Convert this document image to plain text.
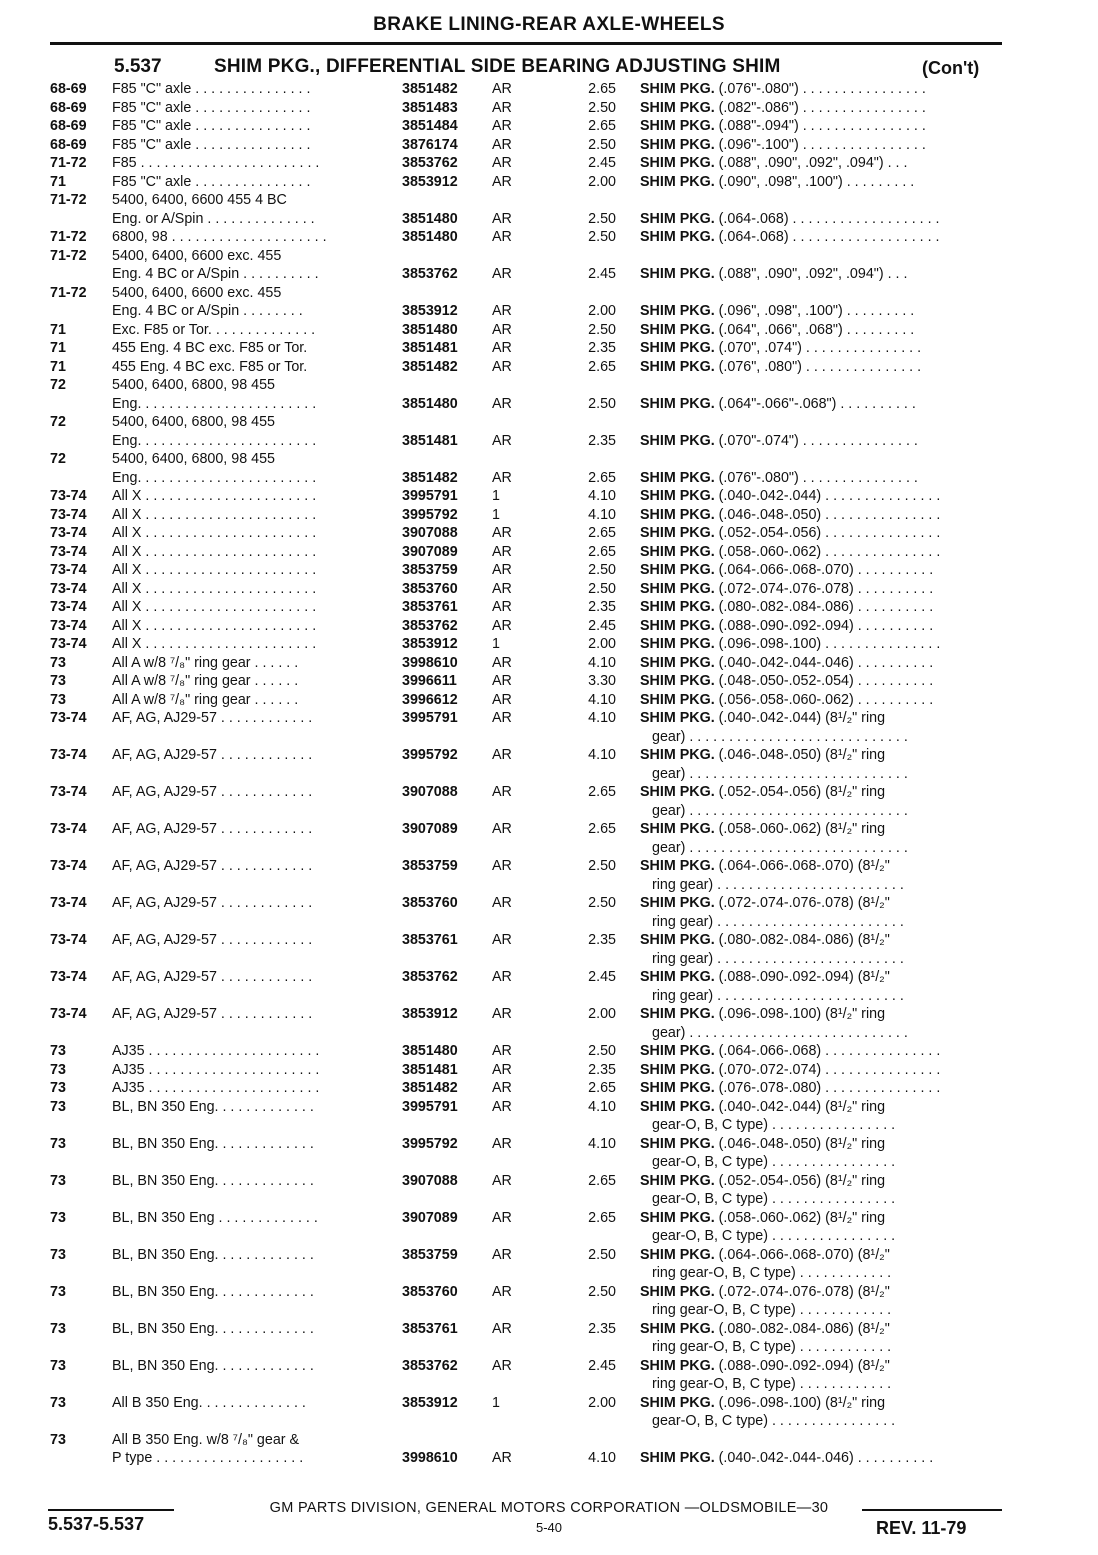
BRAKE LINING-REAR AXLE-WHEELS
5.537	SHIM PKG., DIFFERENTIAL SIDE BEARING ADJUSTING SHIM	(Con't)
68-69 F85 "C" axle . . . . . . . . . . . . . . .	3851482 AR	2.65 SHIM PKG. (.076"-.080") . . . . . . . . . . . . . . . .
68-69 F85 "C" axle . . . . . . . . . . . . . . .	3851483 AR	2.50 SHIM PKG. (.082"-.086") . . . . . . . . . . . . . . . .
68-69 F85 "C" axle . . . . . . . . . . . . . . .	3851484 AR	2.65 SHIM PKG. (.088"-.094") . . . . . . . . . . . . . . . .
68-69 F85 "C" axle . . . . . . . . . . . . . . .	3876174 AR	2.50 SHIM PKG. (.096"-.100") . . . . . . . . . . . . . . . .
71-72 F85 . . . . . . . . . . . . . . . . . . . . . . .	3853762 AR	2.45 SHIM PKG. (.088", .090", .092", .094") . . .
71	F85 "C" axle . . . . . . . . . . . . . . .	3853912 AR	2.00 SHIM PKG. (.090", .098", .100") . . . . . . . . .
71-72 5400, 6400, 6600 455 4 BC
Eng. or A/Spin . . . . . . . . . . . . . .	3851480 AR	2.50 SHIM PKG. (.064-.068) . . . . . . . . . . . . . . . . . . .
71-72 6800, 98 . . . . . . . . . . . . . . . . . . . .	3851480 AR	2.50 SHIM PKG. (.064-.068) . . . . . . . . . . . . . . . . . . .
71-72 5400, 6400, 6600 exc. 455
Eng. 4 BC or A/Spin . . . . . . . . . .	3853762 AR	2.45 SHIM PKG. (.088", .090", .092", .094") . . .
71-72 5400, 6400, 6600 exc. 455
Eng. 4 BC or A/Spin . . . . . . . .	3853912 AR	2.00 SHIM PKG. (.096", .098", .100") . . . . . . . . .
71	Exc. F85 or Tor. . . . . . . . . . . . . .	3851480 AR	2.50 SHIM PKG. (.064", .066", .068") . . . . . . . . .
71	455 Eng. 4 BC exc. F85 or Tor.	3851481 AR	2.35 SHIM PKG. (.070", .074") . . . . . . . . . . . . . . .
71	455 Eng. 4 BC exc. F85 or Tor.	3851482 AR	2.65 SHIM PKG. (.076", .080") . . . . . . . . . . . . . . .
72	5400, 6400, 6800, 98 455
Eng. . . . . . . . . . . . . . . . . . . . . . .	3851480 AR	2.50 SHIM PKG. (.064"-.066"-.068") . . . . . . . . . .
72	5400, 6400, 6800, 98 455
Eng. . . . . . . . . . . . . . . . . . . . . . .	3851481 AR	2.35 SHIM PKG. (.070"-.074") . . . . . . . . . . . . . . .
72	5400, 6400, 6800, 98 455
Eng. . . . . . . . . . . . . . . . . . . . . . .	3851482 AR	2.65 SHIM PKG. (.076"-.080") . . . . . . . . . . . . . . .
73-74 All X . . . . . . . . . . . . . . . . . . . . . .	3995791 1	4.10 SHIM PKG. (.040-.042-.044) . . . . . . . . . . . . . . .
73-74 All X . . . . . . . . . . . . . . . . . . . . . .	3995792 1	4.10 SHIM PKG. (.046-.048-.050) . . . . . . . . . . . . . . .
73-74 All X . . . . . . . . . . . . . . . . . . . . . .	3907088 AR	2.65 SHIM PKG. (.052-.054-.056) . . . . . . . . . . . . . . .
73-74 All X . . . . . . . . . . . . . . . . . . . . . .	3907089 AR	2.65 SHIM PKG. (.058-.060-.062) . . . . . . . . . . . . . . .
73-74 All X . . . . . . . . . . . . . . . . . . . . . .	3853759 AR	2.50 SHIM PKG. (.064-.066-.068-.070) . . . . . . . . . .
73-74 All X . . . . . . . . . . . . . . . . . . . . . .	3853760 AR	2.50 SHIM PKG. (.072-.074-.076-.078) . . . . . . . . . .
73-74 All X . . . . . . . . . . . . . . . . . . . . . .	3853761 AR	2.35 SHIM PKG. (.080-.082-.084-.086) . . . . . . . . . .
73-74 All X . . . . . . . . . . . . . . . . . . . . . .	3853762 AR	2.45 SHIM PKG. (.088-.090-.092-.094) . . . . . . . . . .
73-74 All X . . . . . . . . . . . . . . . . . . . . . .	3853912 1	2.00 SHIM PKG. (.096-.098-.100) . . . . . . . . . . . . . . .
73	All A w/8 ⁷/₈" ring gear . . . . . .	3998610 AR	4.10 SHIM PKG. (.040-.042-.044-.046) . . . . . . . . . .
73	All A w/8 ⁷/₈" ring gear . . . . . .	3996611 AR	3.30 SHIM PKG. (.048-.050-.052-.054) . . . . . . . . . .
73	All A w/8 ⁷/₈" ring gear . . . . . .	3996612 AR	4.10 SHIM PKG. (.056-.058-.060-.062) . . . . . . . . . .
73-74 AF, AG, AJ29-57 . . . . . . . . . . . .	3995791 AR	4.10 SHIM PKG. (.040-.042-.044) (8¹/₂" ring
gear) . . . . . . . . . . . . . . . . . . . . . . . . . . . .
73-74 AF, AG, AJ29-57 . . . . . . . . . . . .	3995792 AR	4.10 SHIM PKG. (.046-.048-.050) (8¹/₂" ring
gear) . . . . . . . . . . . . . . . . . . . . . . . . . . . .
73-74 AF, AG, AJ29-57 . . . . . . . . . . . .	3907088 AR	2.65 SHIM PKG. (.052-.054-.056) (8¹/₂" ring
gear) . . . . . . . . . . . . . . . . . . . . . . . . . . . .
73-74 AF, AG, AJ29-57 . . . . . . . . . . . .	3907089 AR	2.65 SHIM PKG. (.058-.060-.062) (8¹/₂" ring
gear) . . . . . . . . . . . . . . . . . . . . . . . . . . . .
73-74 AF, AG, AJ29-57 . . . . . . . . . . . .	3853759 AR	2.50 SHIM PKG. (.064-.066-.068-.070) (8¹/₂"
ring gear) . . . . . . . . . . . . . . . . . . . . . . . .
73-74 AF, AG, AJ29-57 . . . . . . . . . . . .	3853760 AR	2.50 SHIM PKG. (.072-.074-.076-.078) (8¹/₂"
ring gear) . . . . . . . . . . . . . . . . . . . . . . . .
73-74 AF, AG, AJ29-57 . . . . . . . . . . . .	3853761 AR	2.35 SHIM PKG. (.080-.082-.084-.086) (8¹/₂"
ring gear) . . . . . . . . . . . . . . . . . . . . . . . .
73-74 AF, AG, AJ29-57 . . . . . . . . . . . .	3853762 AR	2.45 SHIM PKG. (.088-.090-.092-.094) (8¹/₂"
ring gear) . . . . . . . . . . . . . . . . . . . . . . . .
73-74 AF, AG, AJ29-57 . . . . . . . . . . . .	3853912 AR	2.00 SHIM PKG. (.096-.098-.100) (8¹/₂" ring
gear) . . . . . . . . . . . . . . . . . . . . . . . . . . . .
73	AJ35 . . . . . . . . . . . . . . . . . . . . . .	3851480 AR	2.50 SHIM PKG. (.064-.066-.068) . . . . . . . . . . . . . . .
73	AJ35 . . . . . . . . . . . . . . . . . . . . . .	3851481 AR	2.35 SHIM PKG. (.070-.072-.074) . . . . . . . . . . . . . . .
73	AJ35 . . . . . . . . . . . . . . . . . . . . . .	3851482 AR	2.65 SHIM PKG. (.076-.078-.080) . . . . . . . . . . . . . . .
73	BL, BN 350 Eng. . . . . . . . . . . . .	3995791 AR	4.10 SHIM PKG. (.040-.042-.044) (8¹/₂" ring
gear-O, B, C type) . . . . . . . . . . . . . . . .
73	BL, BN 350 Eng. . . . . . . . . . . . .	3995792 AR	4.10 SHIM PKG. (.046-.048-.050) (8¹/₂" ring
gear-O, B, C type) . . . . . . . . . . . . . . . .
73	BL, BN 350 Eng. . . . . . . . . . . . .	3907088 AR	2.65 SHIM PKG. (.052-.054-.056) (8¹/₂" ring
gear-O, B, C type) . . . . . . . . . . . . . . . .
73	BL, BN 350 Eng . . . . . . . . . . . . .	3907089 AR	2.65 SHIM PKG. (.058-.060-.062) (8¹/₂" ring
gear-O, B, C type) . . . . . . . . . . . . . . . .
73	BL, BN 350 Eng. . . . . . . . . . . . .	3853759 AR	2.50 SHIM PKG. (.064-.066-.068-.070) (8¹/₂"
ring gear-O, B, C type) . . . . . . . . . . . .
73	BL, BN 350 Eng. . . . . . . . . . . . .	3853760 AR	2.50 SHIM PKG. (.072-.074-.076-.078) (8¹/₂"
ring gear-O, B, C type) . . . . . . . . . . . .
73	BL, BN 350 Eng. . . . . . . . . . . . .	3853761 AR	2.35 SHIM PKG. (.080-.082-.084-.086) (8¹/₂"
ring gear-O, B, C type) . . . . . . . . . . . .
73	BL, BN 350 Eng. . . . . . . . . . . . .	3853762 AR	2.45 SHIM PKG. (.088-.090-.092-.094) (8¹/₂"
ring gear-O, B, C type) . . . . . . . . . . . .
73	All B 350 Eng. . . . . . . . . . . . . .	3853912 1	2.00 SHIM PKG. (.096-.098-.100) (8¹/₂" ring
gear-O, B, C type) . . . . . . . . . . . . . . . .
73	All B 350 Eng. w/8 ⁷/₈" gear &
P type . . . . . . . . . . . . . . . . . . .	3998610 AR	4.10 SHIM PKG. (.040-.042-.044-.046) . . . . . . . . . .
5.537-5.537
GM PARTS DIVISION, GENERAL MOTORS CORPORATION —OLDSMOBILE—30
5-40	REV. 11-79
